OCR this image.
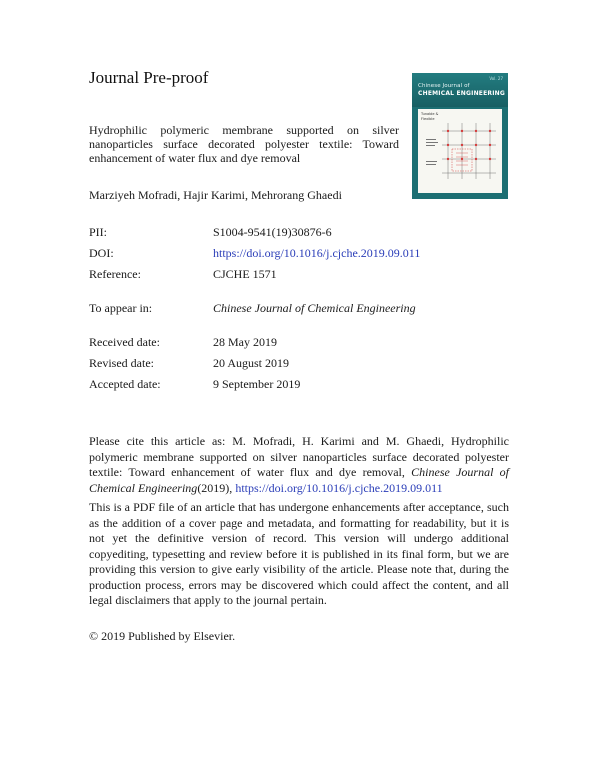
Journal Pre-proof
Hydrophilic polymeric membrane supported on silver nanoparticles surface decorated polyester textile: Toward enhancement of water flux and dye removal
Marziyeh Mofradi, Hajir Karimi, Mehrorang Ghaedi
PII:	S1004-9541(19)30876-6
DOI:	https://doi.org/10.1016/j.cjche.2019.09.011
Reference:	CJCHE 1571
To appear in:	Chinese Journal of Chemical Engineering
Received date:	28 May 2019
Revised date:	20 August 2019
Accepted date:	9 September 2019
Please cite this article as: M. Mofradi, H. Karimi and M. Ghaedi, Hydrophilic polymeric membrane supported on silver nanoparticles surface decorated polyester textile: Toward enhancement of water flux and dye removal, Chinese Journal of Chemical Engineering(2019), https://doi.org/10.1016/j.cjche.2019.09.011
This is a PDF file of an article that has undergone enhancements after acceptance, such as the addition of a cover page and metadata, and formatting for readability, but it is not yet the definitive version of record. This version will undergo additional copyediting, typesetting and review before it is published in its final form, but we are providing this version to give early visibility of the article. Please note that, during the production process, errors may be discovered which could affect the content, and all legal disclaimers that apply to the journal pertain.
© 2019 Published by Elsevier.
Vol. 27
Chinese Journal of
CHEMICAL ENGINEERING
Tunable & Flexible
